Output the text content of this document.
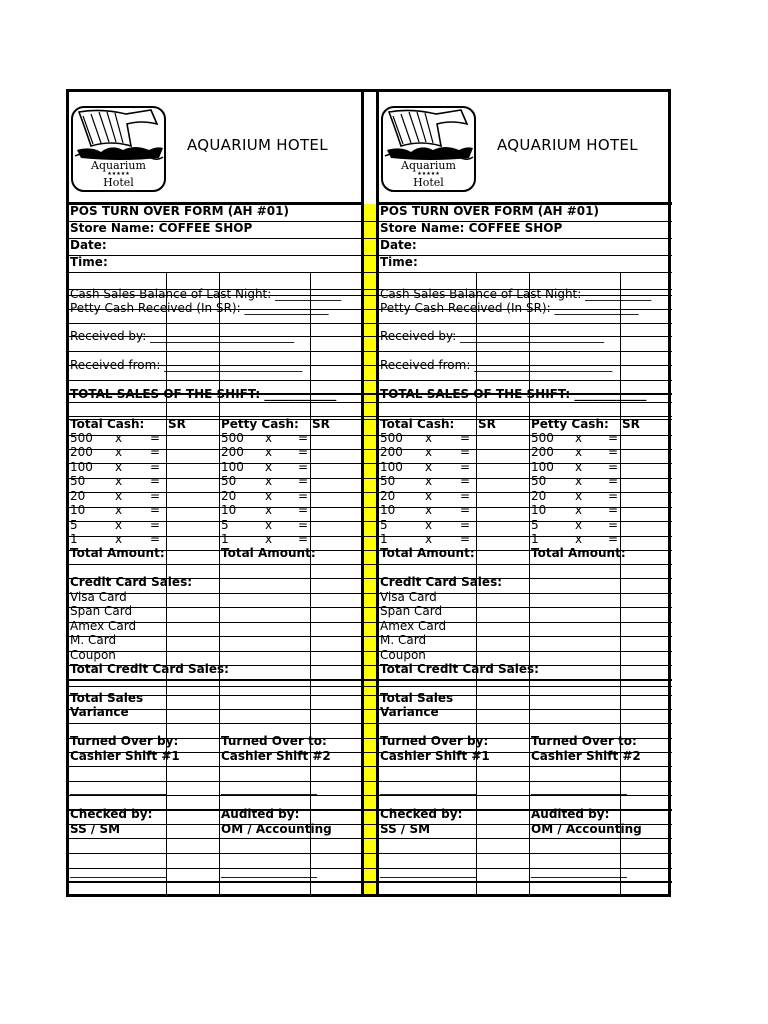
Aquarium
★★★★★
Hotel
AQUARIUM HOTEL
POS TURN OVER FORM (AH #01)
Store Name: COFFEE SHOP
Date:
Time:
Cash Sales Balance of Last Night: ___________
Petty Cash Received (In SR): ______________
Received by: ________________________
Received from: _______________________
TOTAL SALES OF THE SHIFT: ____________
Total Cash: SR	Petty Cash: SR
500 x =	500 x =
200 x =	200 x =
100 x =	100 x =
50 x =	50 x =
20 x =	20 x =
10 x =	10 x =
5	x =	5	x =
1	x =	1	x =
Total Amount:	Total Amount:
Credit Card Sales:
Visa Card
Span Card
Amex Card
M. Card
Coupon
Total Credit Card Sales:
Total Sales
Variance
Turned Over by:	Turned Over to:
Cashier Shift #1	Cashier Shift #2
________________	________________
Checked by:	Audited by:
SS / SM	OM / Accounting
________________	________________
Aquarium
★★★★★
Hotel
AQUARIUM HOTEL
POS TURN OVER FORM (AH #01)
Store Name: COFFEE SHOP
Date:
Time:
Cash Sales Balance of Last Night: ___________
Petty Cash Received (In SR): ______________
Received by: ________________________
Received from: _______________________
TOTAL SALES OF THE SHIFT: ____________
Total Cash: SR	Petty Cash: SR
500 x =	500 x =
200 x =	200 x =
100 x =	100 x =
50 x =	50 x =
20 x =	20 x =
10 x =	10 x =
5	x =	5	x =
1	x =	1	x =
Total Amount:	Total Amount:
Credit Card Sales:
Visa Card
Span Card
Amex Card
M. Card
Coupon
Total Credit Card Sales:
Total Sales
Variance
Turned Over by:	Turned Over to:
Cashier Shift #1	Cashier Shift #2
________________	________________
Checked by:	Audited by:
SS / SM	OM / Accounting
________________	________________
